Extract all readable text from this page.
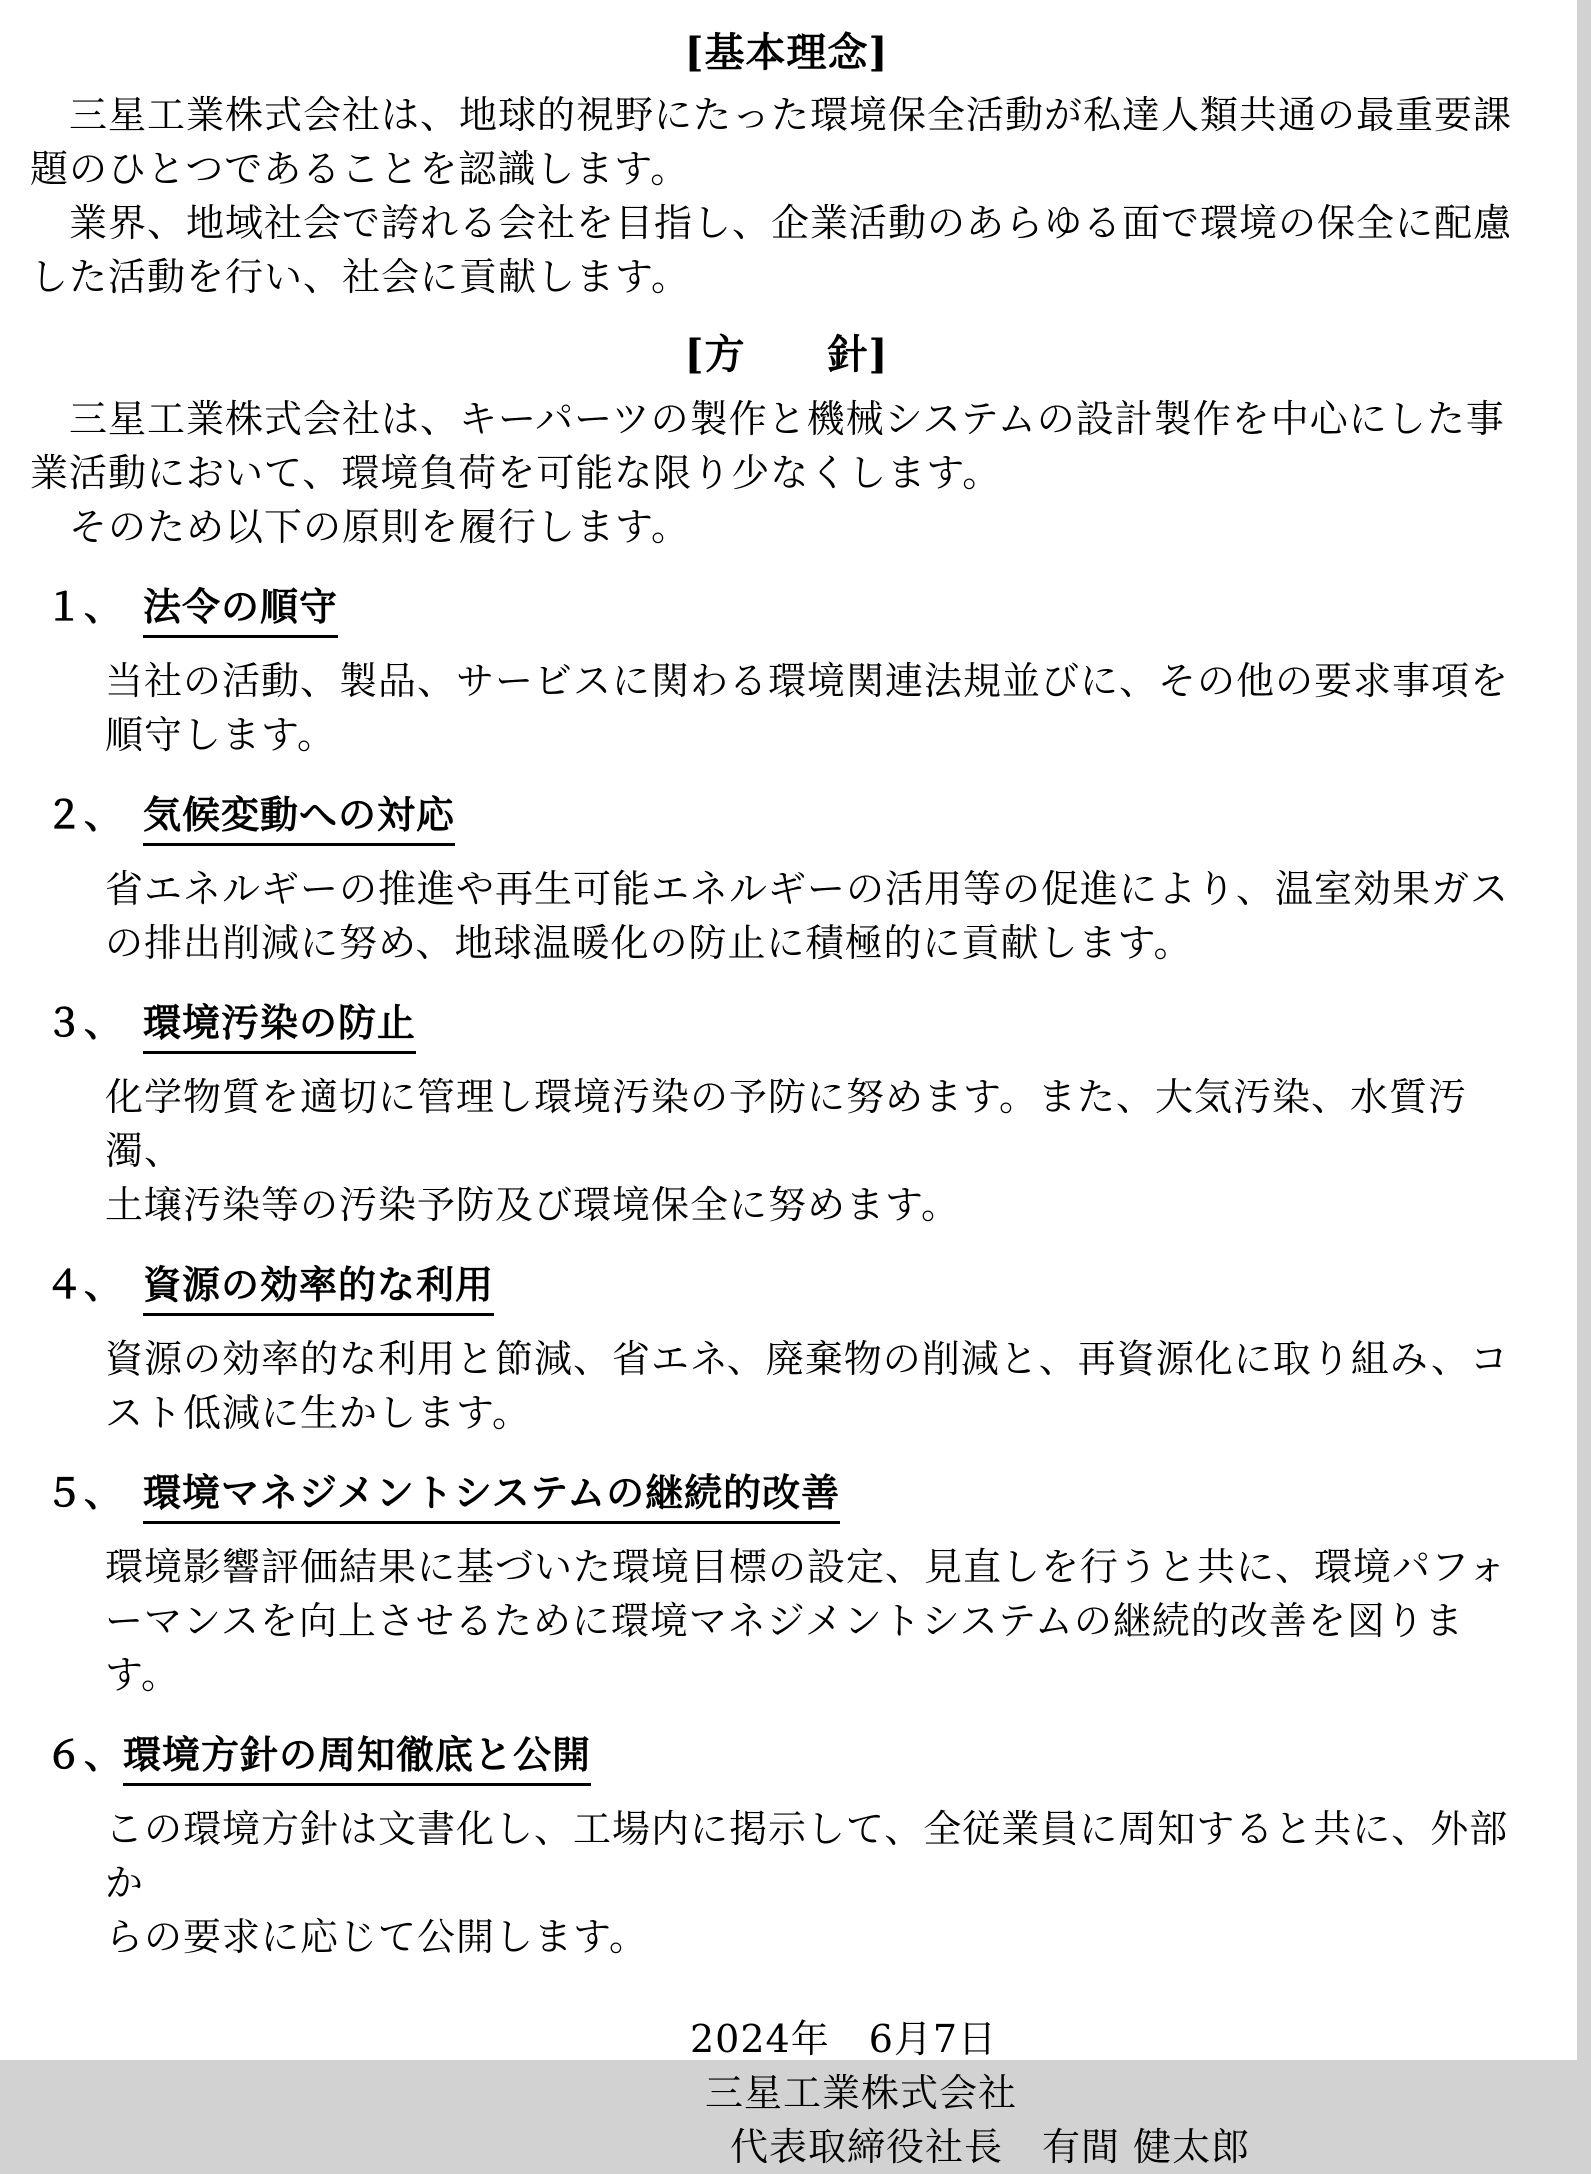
[基本理念]
　三星工業株式会社は、地球的視野にたった環境保全活動が私達人類共通の最重要課
題のひとつであることを認識します。
　業界、地域社会で誇れる会社を目指し、企業活動のあらゆる面で環境の保全に配慮
した活動を行い、社会に貢献します。
[方　　針]
　三星工業株式会社は、キーパーツの製作と機械システムの設計製作を中心にした事
業活動において、環境負荷を可能な限り少なくします。
　そのため以下の原則を履行します。
１、　法令の順守
当社の活動、製品、サービスに関わる環境関連法規並びに、その他の要求事項を
順守します。
２、　気候変動への対応
省エネルギーの推進や再生可能エネルギーの活用等の促進により、温室効果ガス
の排出削減に努め、地球温暖化の防止に積極的に貢献します。
３、　環境汚染の防止
化学物質を適切に管理し環境汚染の予防に努めます。また、大気汚染、水質汚濁、
土壌汚染等の汚染予防及び環境保全に努めます。
４、　資源の効率的な利用
資源の効率的な利用と節減、省エネ、廃棄物の削減と、再資源化に取り組み、コ
スト低減に生かします。
５、　環境マネジメントシステムの継続的改善
環境影響評価結果に基づいた環境目標の設定、見直しを行うと共に、環境パフォ
ーマンスを向上させるために環境マネジメントシステムの継続的改善を図りま
す。
６、環境方針の周知徹底と公開
この環境方針は文書化し、工場内に掲示して、全従業員に周知すると共に、外部か
らの要求に応じて公開します。
2024年　6月7日
三星工業株式会社
代表取締役社長　有間 健太郎
